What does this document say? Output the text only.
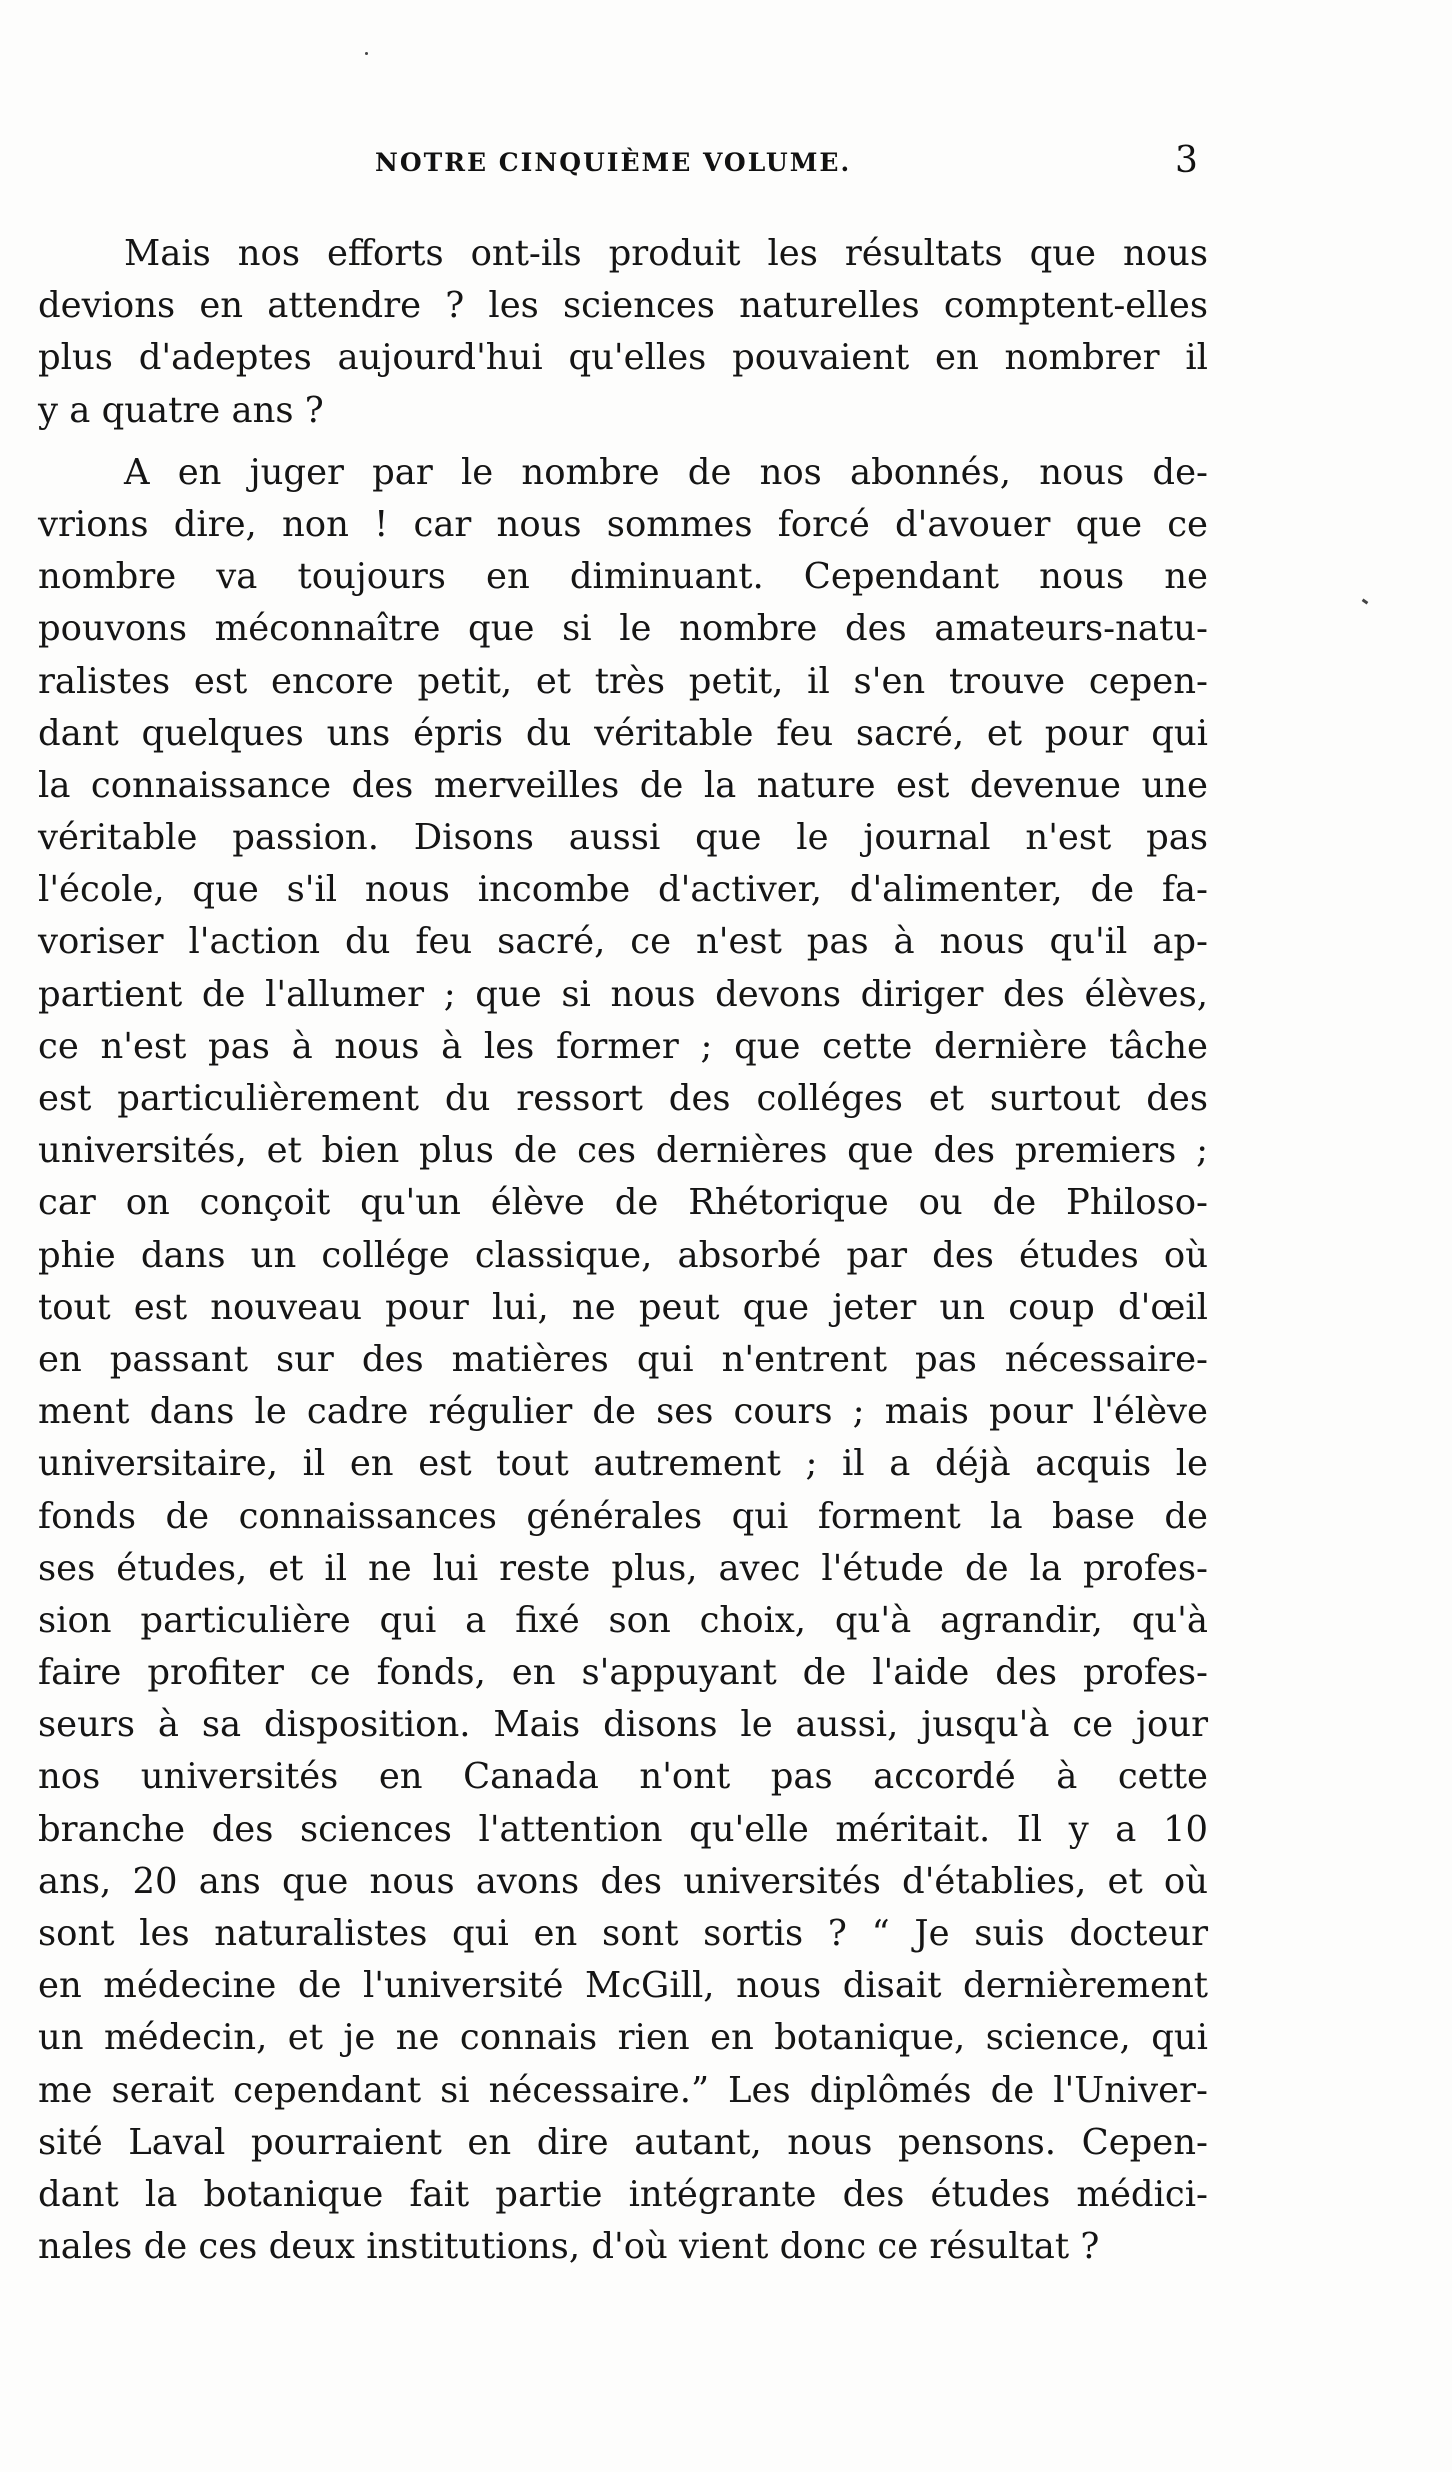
NOTRE CINQUIÈME VOLUME.	3
Mais nos efforts ont-ils produit les résultats que nous
devions en attendre ? les sciences naturelles comptent-elles
plus d'adeptes aujourd'hui qu'elles pouvaient en nombrer il
y a quatre ans ?
A en juger par le nombre de nos abonnés, nous de-
vrions dire, non ! car nous sommes forcé d'avouer que ce
nombre va toujours en diminuant. Cependant nous ne
pouvons méconnaître que si le nombre des amateurs-natu-
ralistes est encore petit, et très petit, il s'en trouve cepen-
dant quelques uns épris du véritable feu sacré, et pour qui
la connaissance des merveilles de la nature est devenue une
véritable passion. Disons aussi que le journal n'est pas
l'école, que s'il nous incombe d'activer, d'alimenter, de fa-
voriser l'action du feu sacré, ce n'est pas à nous qu'il ap-
partient de l'allumer ; que si nous devons diriger des élèves,
ce n'est pas à nous à les former ; que cette dernière tâche
est particulièrement du ressort des colléges et surtout des
universités, et bien plus de ces dernières que des premiers ;
car on conçoit qu'un élève de Rhétorique ou de Philoso-
phie dans un collége classique, absorbé par des études où
tout est nouveau pour lui, ne peut que jeter un coup d'œil
en passant sur des matières qui n'entrent pas nécessaire-
ment dans le cadre régulier de ses cours ; mais pour l'élève
universitaire, il en est tout autrement ; il a déjà acquis le
fonds de connaissances générales qui forment la base de
ses études, et il ne lui reste plus, avec l'étude de la profes-
sion particulière qui a fixé son choix, qu'à agrandir, qu'à
faire profiter ce fonds, en s'appuyant de l'aide des profes-
seurs à sa disposition. Mais disons le aussi, jusqu'à ce jour
nos universités en Canada n'ont pas accordé à cette
branche des sciences l'attention qu'elle méritait. Il y a 10
ans, 20 ans que nous avons des universités d'établies, et où
sont les naturalistes qui en sont sortis ? “ Je suis docteur
en médecine de l'université McGill, nous disait dernièrement
un médecin, et je ne connais rien en botanique, science, qui
me serait cependant si nécessaire.” Les diplômés de l'Univer-
sité Laval pourraient en dire autant, nous pensons. Cepen-
dant la botanique fait partie intégrante des études médici-
nales de ces deux institutions, d'où vient donc ce résultat ?
